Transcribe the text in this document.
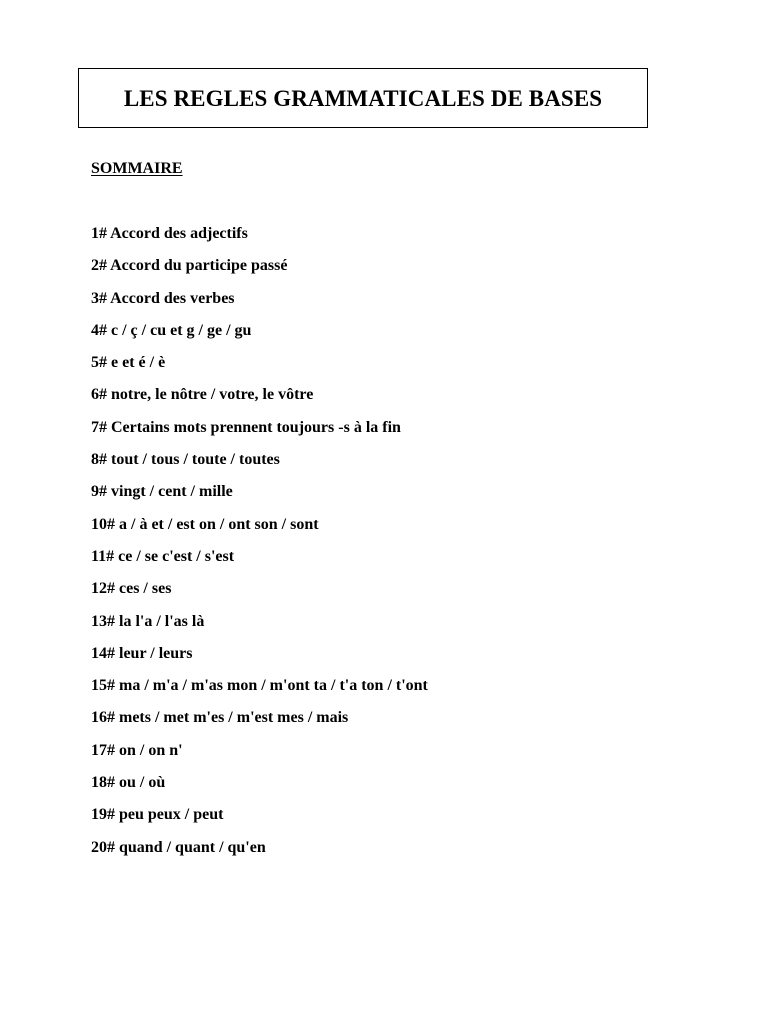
LES REGLES GRAMMATICALES DE BASES
SOMMAIRE
1# Accord des adjectifs
2# Accord du participe passé
3# Accord des verbes
4# c / ç / cu et g / ge / gu
5# e et é / è
6# notre, le nôtre / votre, le vôtre
7# Certains mots prennent toujours -s à la fin
8# tout / tous / toute / toutes
9# vingt / cent / mille
10# a / à et / est on / ont son / sont
11# ce / se c'est / s'est
12# ces / ses
13# la l'a / l'as là
14# leur / leurs
15# ma / m'a / m'as mon / m'ont ta / t'a ton / t'ont
16# mets / met m'es / m'est mes / mais
17# on / on n'
18# ou / où
19# peu peux / peut
20# quand / quant / qu'en
